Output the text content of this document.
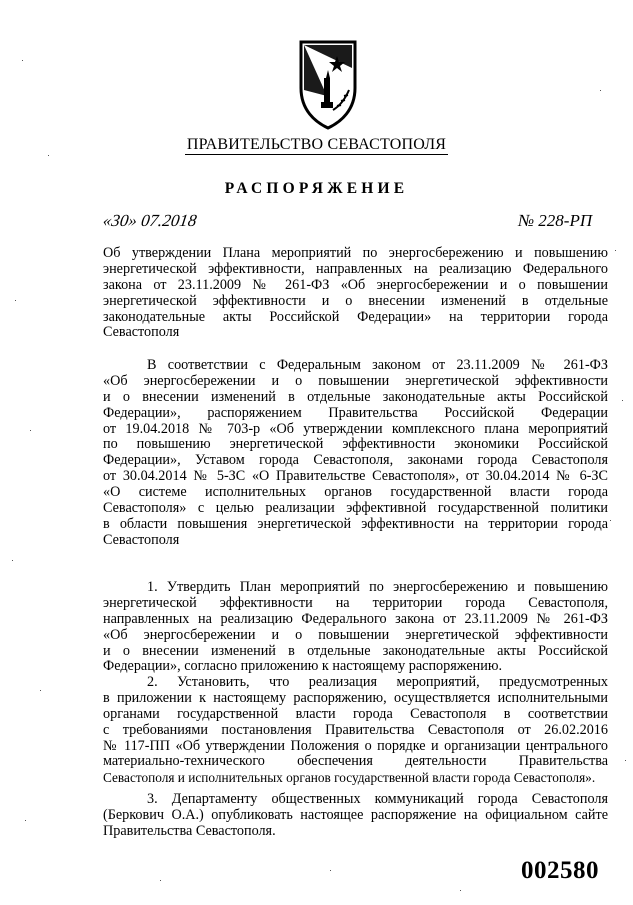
ПРАВИТЕЛЬСТВО СЕВАСТОПОЛЯ
РАСПОРЯЖЕНИЕ
«30» 07.2018	№ 228-РП
Об утверждении Плана мероприятий по энергосбережению и повышению
энергетической эффективности, направленных на реализацию Федерального
закона от 23.11.2009 № 261-ФЗ «Об энергосбережении и о повышении
энергетической эффективности и о внесении изменений в отдельные
законодательные акты Российской Федерации» на территории города
Севастополя
В соответствии с Федеральным законом от 23.11.2009 № 261-ФЗ
«Об энергосбережении и о повышении энергетической эффективности
и о внесении изменений в отдельные законодательные акты Российской
Федерации», распоряжением Правительства Российской Федерации
от 19.04.2018 № 703-р «Об утверждении комплексного плана мероприятий
по повышению энергетической эффективности экономики Российской
Федерации», Уставом города Севастополя, законами города Севастополя
от 30.04.2014 № 5-ЗС «О Правительстве Севастополя», от 30.04.2014 № 6-ЗС
«О системе исполнительных органов государственной власти города
Севастополя» с целью реализации эффективной государственной политики
в области повышения энергетической эффективности на территории города
Севастополя
1. Утвердить План мероприятий по энергосбережению и повышению
энергетической эффективности на территории города Севастополя,
направленных на реализацию Федерального закона от 23.11.2009 № 261-ФЗ
«Об энергосбережении и о повышении энергетической эффективности
и о внесении изменений в отдельные законодательные акты Российской
Федерации», согласно приложению к настоящему распоряжению.
2. Установить, что реализация мероприятий, предусмотренных
в приложении к настоящему распоряжению, осуществляется исполнительными
органами государственной власти города Севастополя в соответствии
с требованиями постановления Правительства Севастополя от 26.02.2016
№ 117-ПП «Об утверждении Положения о порядке и организации центрального
материально-технического обеспечения деятельности Правительства
Севастополя и исполнительных органов государственной власти города Севастополя».
3. Департаменту общественных коммуникаций города Севастополя
(Беркович О.А.) опубликовать настоящее распоряжение на официальном сайте
Правительства Севастополя.
002580
